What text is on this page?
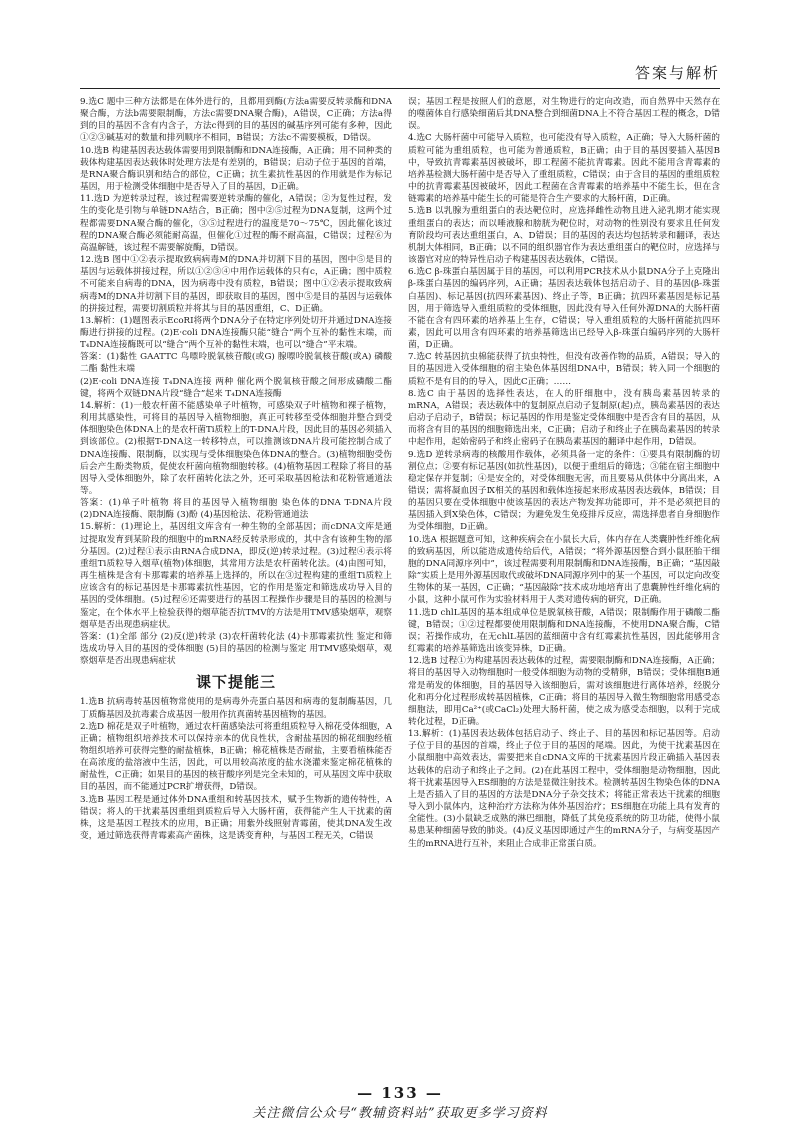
答案与解析

9.选C 题中三种方法都是在体外进行的，且都用到酶(方法a需要反转录酶和DNA聚合酶，方法b需要限制酶，方法c需要DNA聚合酶)，A错误，C正确；方法a得到的目的基因不含有内含子，方法c得到的目的基因的碱基序列可能有多种，因此①②③碱基对的数量和排列顺序不相同，B错误；方法c不需要模板，D错误。

10.选B 构建基因表达载体需要用到限制酶和DNA连接酶，A正确；用不同种类的载体构建基因表达载体时处理方法是有差别的，B错误；启动子位于基因的首端，是RNA聚合酶识别和结合的部位，C正确；抗生素抗性基因的作用就是作为标记基因，用于检测受体细胞中是否导入了目的基因，D正确。

11.选D 为逆转录过程，该过程需要逆转录酶的催化，A错误；②为复性过程，发生的变化是引物与单链DNA结合，B正确；图中②⑤过程为DNA复制，这两个过程都需要DNA聚合酶的催化，③⑤过程进行的温度是70～75℃，因此催化该过程的DNA聚合酶必须能耐高温，但催化①过程的酶不耐高温，C错误；过程⑥为高温解链，该过程不需要解旋酶，D错误。

12.选B 图中①②表示提取致病病毒M的DNA并切割下目的基因，图中⑤是目的基因与运载体拼接过程，所以①②③④中用作运载体的只有c，A正确；图中质粒不可能来自病毒的DNA，因为病毒中没有质粒，B错误；图中①②表示提取致病病毒M的DNA并切割下目的基因，即获取目的基因，图中⑤是目的基因与运载体的拼接过程，需要切割质粒并将其与目的基因重组，C、D正确。

13.解析：(1)题图表示EcoRⅠ将两个DNA分子在特定序列处切开并通过DNA连接酶进行拼接的过程。(2)E·coli DNA连接酶只能“缝合”两个互补的黏性末端，而T₄DNA连接酶既可以“缝合”两个互补的黏性末端，也可以“缝合”平末端。

答案：(1)黏性 GAATTC 鸟嘌呤脱氧核苷酸(或G) 腺嘌呤脱氧核苷酸(或A) 磷酸二酯 黏性末端

(2)E·coli DNA连接 T₄DNA连接 两种 催化两个脱氧核苷酸之间形成磷酸二酯键，将两个双链DNA片段“缝合”起来 T₄DNA连接酶

14.解析：(1)一般农杆菌不能感染单子叶植物，可感染双子叶植物和裸子植物，利用其感染性，可将目的基因导入植物细胞，真正可转移至受体细胞并整合到受体细胞染色体DNA上的是农杆菌Ti质粒上的T-DNA片段，因此目的基因必须插入到该部位。(2)根据T-DNA这一转移特点，可以推测该DNA片段可能控制合成了DNA连接酶、限制酶，以实现与受体细胞染色体DNA的整合。(3)植物细胞受伤后会产生酚类物质，促使农杆菌向植物细胞转移。(4)植物基因工程除了将目的基因导入受体细胞外，除了农杆菌转化法之外，还可采取基因枪法和花粉管通道法等。

答案：(1)单子叶植物 将目的基因导入植物细胞 染色体的DNA T-DNA片段 (2)DNA连接酶、限制酶 (3)酚 (4)基因枪法、花粉管通道法

15.解析：(1)理论上，基因组文库含有一种生物的全部基因；而cDNA文库是通过提取发育到某阶段的细胞中的mRNA经反转录形成的，其中含有该种生物的部分基因。(2)过程①表示由RNA合成DNA，即反(逆)转录过程。(3)过程④表示将重组Ti质粒导入烟草(植物)体细胞，其常用方法是农杆菌转化法。(4)由图可知，再生植株是含有卡那霉素的培养基上选择的，所以在③过程构建的重组Ti质粒上应该含有的标记基因是卡那霉素抗性基因，它的作用是鉴定和筛选成功导入目的基因的受体细胞。(5)过程⑥还需要进行的基因工程操作步骤是目的基因的检测与鉴定，在个体水平上检验获得的烟草能否抗TMV的方法是用TMV感染烟草，观察烟草是否出现患病症状。

答案：(1)全部 部分 (2)反(逆)转录 (3)农杆菌转化法 (4)卡那霉素抗性 鉴定和筛选成功导入目的基因的受体细胞 (5)目的基因的检测与鉴定 用TMV感染烟草，观察烟草是否出现患病症状

课下提能三

1.选B 抗病毒转基因植物常使用的是病毒外壳蛋白基因和病毒的复制酶基因，几丁质酶基因及抗毒素合成基因一般用作抗真菌转基因植物的基因。

2.选D 棉花是双子叶植物，通过农杆菌感染法可将重组质粒导入棉花受体细胞，A正确；植物组织培养技术可以保持亲本的优良性状，含耐盐基因的棉花细胞经植物组织培养可获得完整的耐盐植株，B正确；棉花植株是否耐盐，主要看植株能否在高浓度的盐溶液中生活，因此，可以用较高浓度的盐水浇灌来鉴定棉花植株的耐盐性，C正确；如果目的基因的核苷酸序列是完全未知的，可从基因文库中获取目的基因，而不能通过PCR扩增获得，D错误。

3.选B 基因工程是通过体外DNA重组和转基因技术，赋予生物新的遗传特性，A错误；将人的干扰素基因重组到质粒后导入大肠杆菌，获得能产生人干扰素的菌株，这是基因工程技术的应用，B正确；用紫外线照射青霉菌，使其DNA发生改变，通过筛选获得青霉素高产菌株，这是诱变育种，与基因工程无关，C错误

误；基因工程是按照人们的意愿，对生物进行的定向改造，而自然界中天然存在的噬菌体自行感染细菌后其DNA整合到细菌DNA上不符合基因工程的概念，D错误。

4.选C 大肠杆菌中可能导入质粒，也可能没有导入质粒，A正确；导入大肠杆菌的质粒可能为重组质粒，也可能为普通质粒，B正确；由于目的基因要插入基因B中，导致抗青霉素基因被破坏，即工程菌不能抗青霉素。因此不能用含青霉素的培养基检测大肠杆菌中是否导入了重组质粒，C错误；由于含目的基因的重组质粒中的抗青霉素基因被破坏，因此工程菌在含青霉素的培养基中不能生长，但在含链霉素的培养基中能生长的可能是符合生产要求的大肠杆菌，D正确。

5.选B 以乳腺为重组蛋白的表达靶位时，应选择雌性动物且进入泌乳期才能实现重组蛋白的表达；而以唾液腺和膀胱为靶位时，对动物的性别没有要求且任何发育阶段均可表达重组蛋白，A、D错误；目的基因的表达均包括转录和翻译，表达机制大体相同，B正确；以不同的组织器官作为表达重组蛋白的靶位时，应选择与该器官对应的特异性启动子构建基因表达载体，C错误。

6.选C β-珠蛋白基因属于目的基因，可以利用PCR技术从小鼠DNA分子上克隆出β-珠蛋白基因的编码序列，A正确；基因表达载体包括启动子、目的基因(β-珠蛋白基因)、标记基因(抗四环素基因)、终止子等，B正确；抗四环素基因是标记基因，用于筛选导入重组质粒的受体细胞，因此没有导入任何外源DNA的大肠杆菌不能在含有四环素的培养基上生存，C错误；导入重组质粒的大肠杆菌能抗四环素，因此可以用含有四环素的培养基筛选出已经导入β-珠蛋白编码序列的大肠杆菌，D正确。

7.选C 转基因抗虫棉能获得了抗虫特性，但没有改善作物的品质，A错误；导入的目的基因进入受体细胞的宿主染色体基因组DNA中，B错误；转入同一个细胞的质粒不是有目的的导入，因此C正确；……

8.选C 由于基因的选择性表达，在人的肝细胞中，没有胰岛素基因转录的mRNA，A错误；表达载体中的复制原点启动子复制原(起)点，胰岛素基因的表达启动子启动子，B错误；标记基因的作用是鉴定受体细胞中是否含有目的基因，从而将含有目的基因的细胞筛选出来，C正确；启动子和终止子在胰岛素基因的转录中起作用，起始密码子和终止密码子在胰岛素基因的翻译中起作用，D错误。

9.选D 逆转录病毒的核酸用作载体，必须具备一定的条件：①要具有限制酶的切割位点；②要有标记基因(如抗性基因)，以便于重组后的筛选；③能在宿主细胞中稳定保存并复制；④是安全的，对受体细胞无害，而且要易从供体中分离出来，A错误；需将凝血因子Ⅸ相关的基因和载体连接起来形成基因表达载体，B错误；目的基因只要在受体细胞中使该基因的表达产物发挥功能即可，并不是必须把目的基因插入到X染色体，C错误；为避免发生免疫排斥反应，需选择患者自身细胞作为受体细胞，D正确。

10.选A 根据题意可知，这种疾病会在小鼠长大后，体内存在人类囊肿性纤维化病的致病基因，所以能造成遗传给后代，A错误；“将外源基因整合到小鼠胚胎干细胞的DNA同源序列中”，该过程需要利用限制酶和DNA连接酶，B正确；“基因敲除”实质上是用外源基因取代或破坏DNA同源序列中的某一个基因，可以定向改变生物体的某一基因，C正确；“基因敲除”技术成功地培育出了患囊肿性纤维化病的小鼠，这种小鼠可作为实验材料用于人类对遗传病的研究，D正确。

11.选D chlL基因的基本组成单位是脱氧核苷酸，A错误；限制酶作用于磷酸二酯键，B错误；①②过程都要使用限制酶和DNA连接酶，不使用DNA聚合酶，C错误；若操作成功，在无chlL基因的蓝细菌中含有红霉素抗性基因，因此能够用含红霉素的培养基筛选出该变异株，D正确。

12.选B 过程①为构建基因表达载体的过程，需要限制酶和DNA连接酶，A正确；将目的基因导入动物细胞时一般受体细胞为动物的受精卵，B错误；受体细胞B通常是萌发的体细胞，目的基因导入该细胞后，需对该细胞进行离体培养，经脱分化和再分化过程形成转基因植株，C正确；将目的基因导入微生物细胞常用感受态细胞法，即用Ca²⁺(或CaCl₂)处理大肠杆菌，使之成为感受态细胞，以利于完成转化过程，D正确。

13.解析：(1)基因表达载体包括启动子、终止子、目的基因和标记基因等。启动子位于目的基因的首端，终止子位于目的基因的尾端。因此，为使干扰素基因在小鼠细胞中高效表达，需要把来自cDNA文库的干扰素基因片段正确插入基因表达载体的启动子和终止子之间。(2)在此基因工程中，受体细胞是动物细胞，因此将干扰素基因导入ES细胞的方法是显微注射技术。检测转基因生物染色体的DNA上是否插入了目的基因的方法是DNA分子杂交技术；将能正常表达干扰素的细胞导入到小鼠体内，这种治疗方法称为体外基因治疗；ES细胞在功能上具有发育的全能性。(3)小鼠缺乏成熟的淋巴细胞，降低了其免疫系统的防卫功能，使得小鼠易患某种细菌导致的肺炎。(4)反义基因即通过产生的mRNA分子，与病变基因产生的mRNA进行互补，来阻止合成非正常蛋白质。

— 133 —
关注微信公众号“教辅资料站”获取更多学习资料
